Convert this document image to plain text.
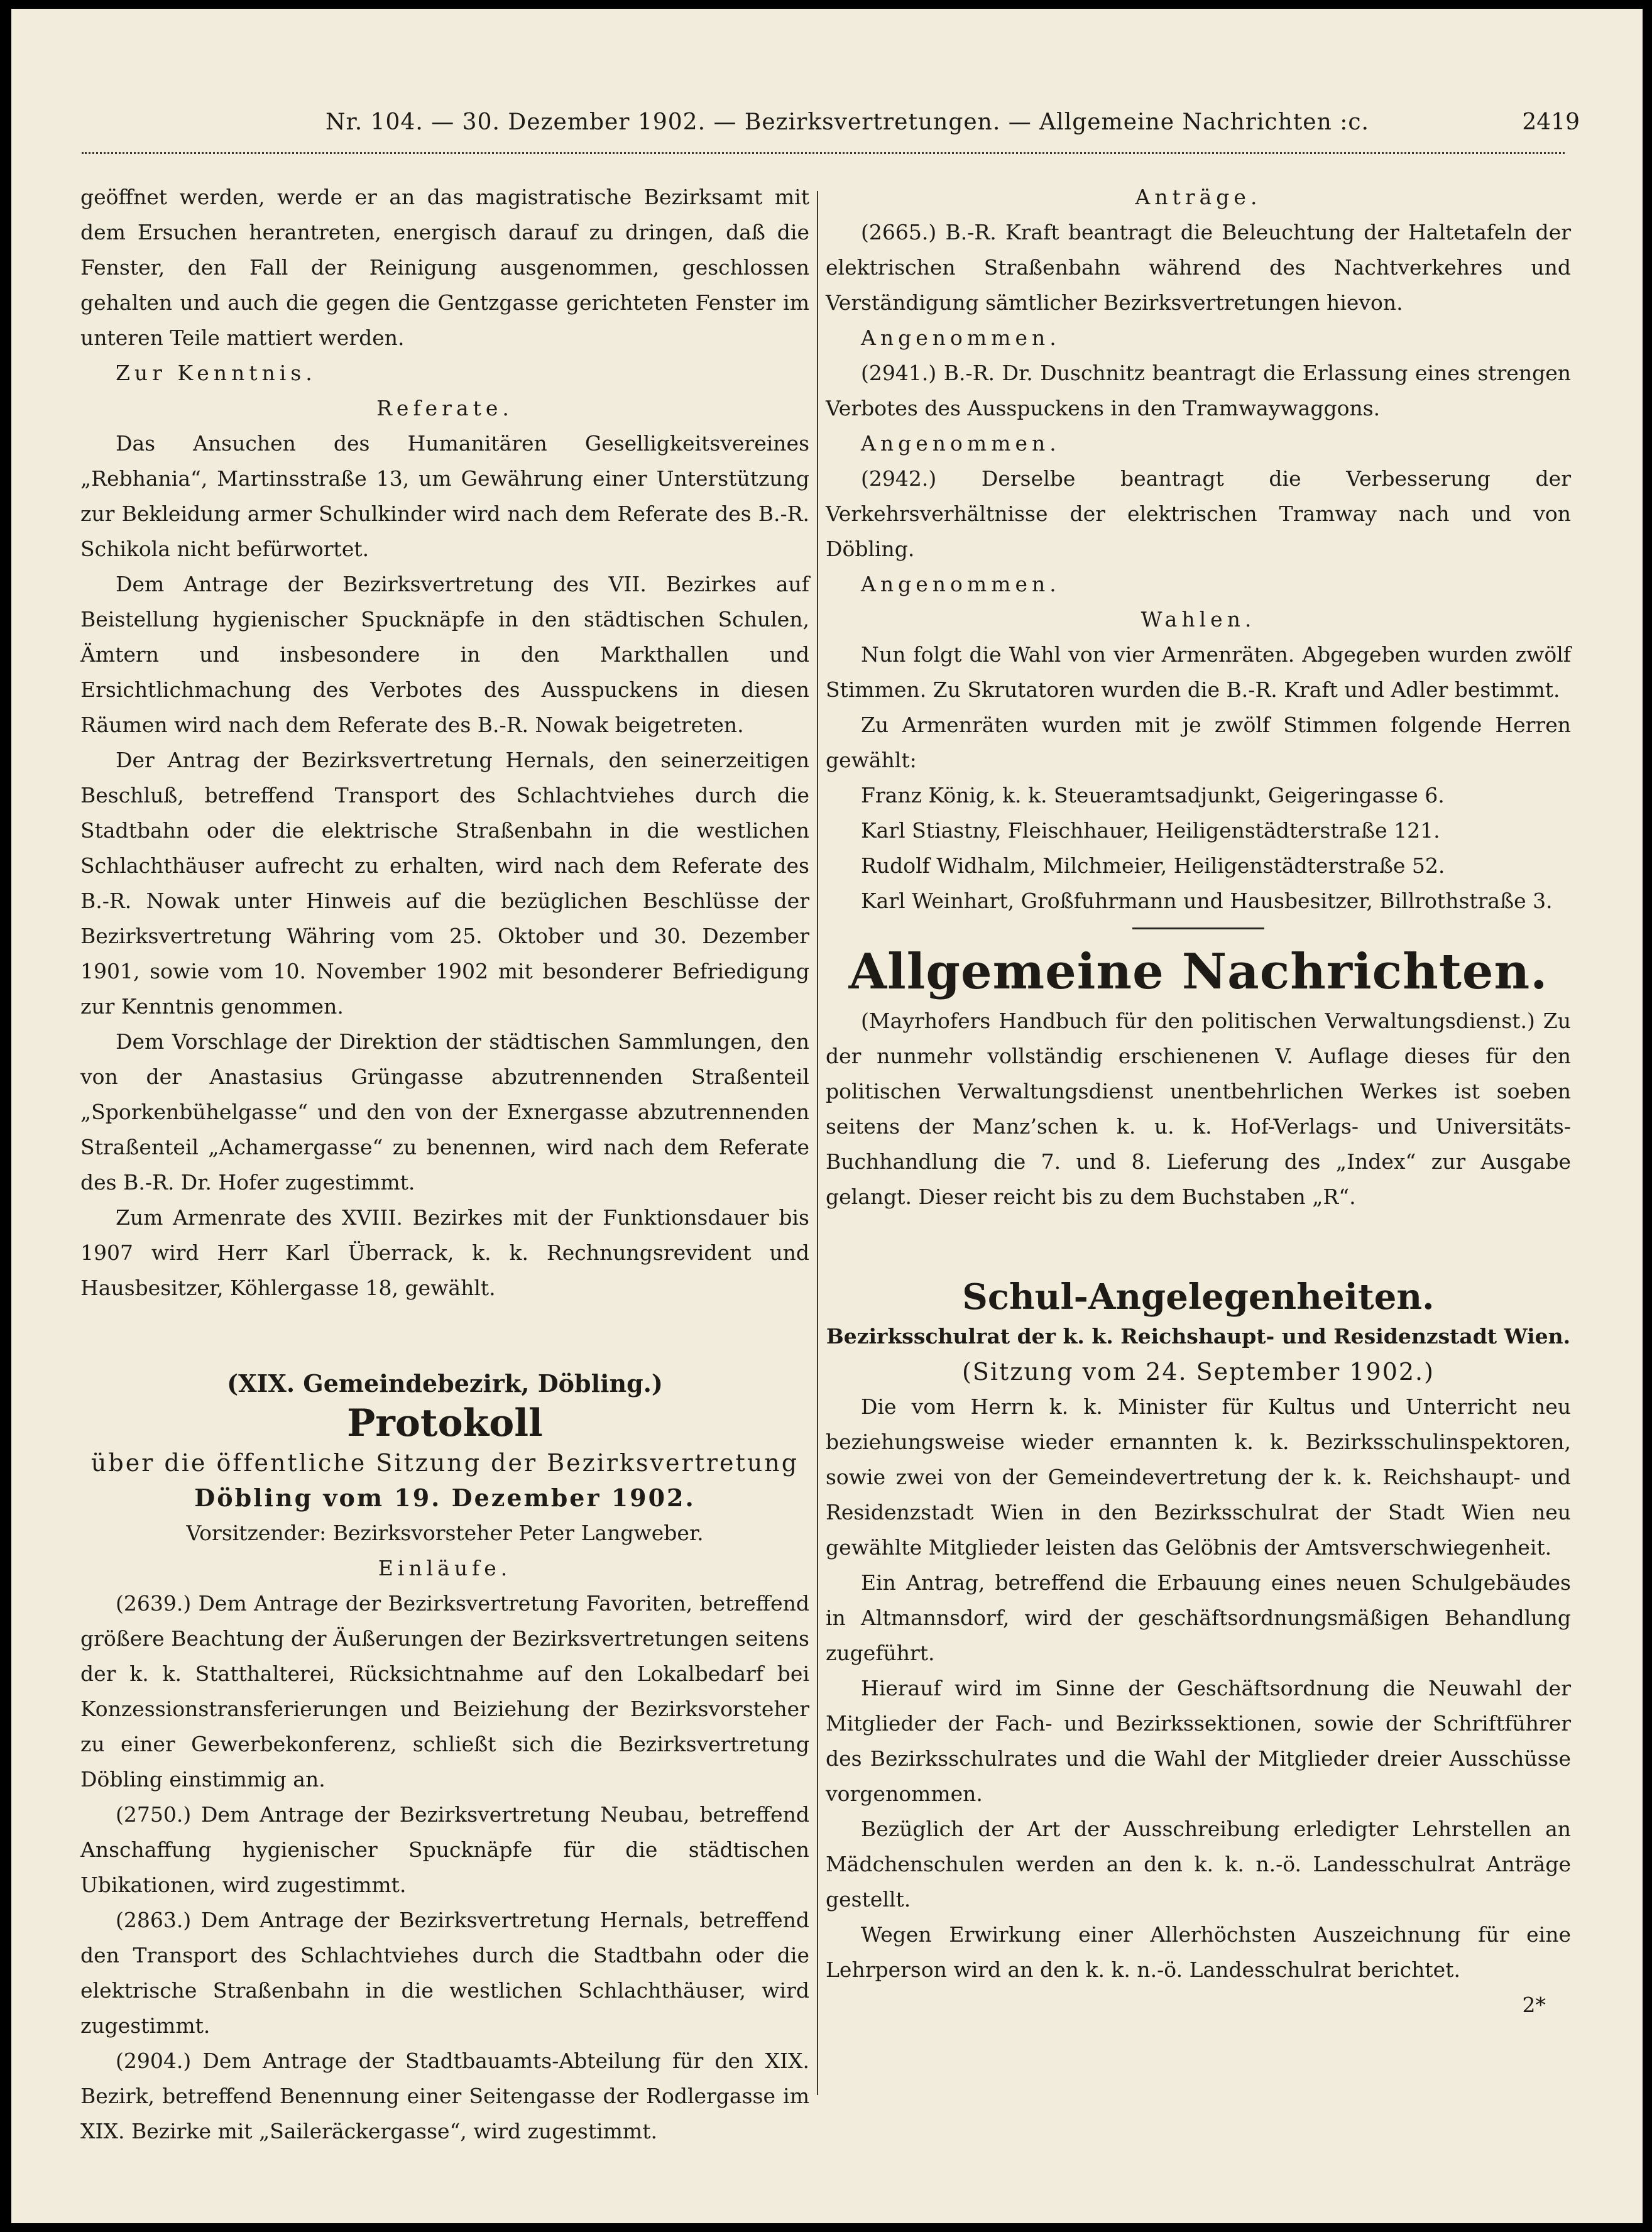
Nr. 104. — 30. Dezember 1902. — Bezirksvertretungen. — Allgemeine Nachrichten :c.	2419

geöffnet werden, werde er an das magistratische Bezirksamt mit dem Ersuchen herantreten, energisch darauf zu dringen, daß die Fenster, den Fall der Reinigung ausgenommen, geschlossen gehalten und auch die gegen die Gentzgasse gerichteten Fenster im unteren Teile mattiert werden.

Zur Kenntnis.

Referate.

Das Ansuchen des Humanitären Geselligkeitsvereines „Rebhania“, Martinsstraße 13, um Gewährung einer Unterstützung zur Bekleidung armer Schulkinder wird nach dem Referate des B.-R. Schikola nicht befürwortet.

Dem Antrage der Bezirksvertretung des VII. Bezirkes auf Beistellung hygienischer Spucknäpfe in den städtischen Schulen, Ämtern und insbesondere in den Markthallen und Ersichtlichmachung des Verbotes des Ausspuckens in diesen Räumen wird nach dem Referate des B.-R. Nowak beigetreten.

Der Antrag der Bezirksvertretung Hernals, den seinerzeitigen Beschluß, betreffend Transport des Schlachtviehes durch die Stadtbahn oder die elektrische Straßenbahn in die westlichen Schlachthäuser aufrecht zu erhalten, wird nach dem Referate des B.-R. Nowak unter Hinweis auf die bezüglichen Beschlüsse der Bezirksvertretung Währing vom 25. Oktober und 30. Dezember 1901, sowie vom 10. November 1902 mit besonderer Befriedigung zur Kenntnis genommen.

Dem Vorschlage der Direktion der städtischen Sammlungen, den von der Anastasius Grüngasse abzutrennenden Straßenteil „Sporkenbühelgasse“ und den von der Exnergasse abzutrennenden Straßenteil „Achamergasse“ zu benennen, wird nach dem Referate des B.-R. Dr. Hofer zugestimmt.

Zum Armenrate des XVIII. Bezirkes mit der Funktionsdauer bis 1907 wird Herr Karl Überrack, k. k. Rechnungsrevident und Hausbesitzer, Köhlergasse 18, gewählt.

(XIX. Gemeindebezirk, Döbling.)

Protokoll

über die öffentliche Sitzung der Bezirksvertretung

Döbling vom 19. Dezember 1902.

Vorsitzender: Bezirksvorsteher Peter Langweber.

Einläufe.

(2639.) Dem Antrage der Bezirksvertretung Favoriten, betreffend größere Beachtung der Äußerungen der Bezirksvertretungen seitens der k. k. Statthalterei, Rücksichtnahme auf den Lokalbedarf bei Konzessionstransferierungen und Beiziehung der Bezirksvorsteher zu einer Gewerbekonferenz, schließt sich die Bezirksvertretung Döbling einstimmig an.

(2750.) Dem Antrage der Bezirksvertretung Neubau, betreffend Anschaffung hygienischer Spucknäpfe für die städtischen Ubikationen, wird zugestimmt.

(2863.) Dem Antrage der Bezirksvertretung Hernals, betreffend den Transport des Schlachtviehes durch die Stadtbahn oder die elektrische Straßenbahn in die westlichen Schlachthäuser, wird zugestimmt.

(2904.) Dem Antrage der Stadtbauamts-Abteilung für den XIX. Bezirk, betreffend Benennung einer Seitengasse der Rodlergasse im XIX. Bezirke mit „Saileräckergasse“, wird zugestimmt.

Anträge.

(2665.) B.-R. Kraft beantragt die Beleuchtung der Haltetafeln der elektrischen Straßenbahn während des Nachtverkehres und Verständigung sämtlicher Bezirksvertretungen hievon.

Angenommen.

(2941.) B.-R. Dr. Duschnitz beantragt die Erlassung eines strengen Verbotes des Ausspuckens in den Tramwaywaggons.

Angenommen.

(2942.) Derselbe beantragt die Verbesserung der Verkehrsverhältnisse der elektrischen Tramway nach und von Döbling.

Angenommen.

Wahlen.

Nun folgt die Wahl von vier Armenräten. Abgegeben wurden zwölf Stimmen. Zu Skrutatoren wurden die B.-R. Kraft und Adler bestimmt.

Zu Armenräten wurden mit je zwölf Stimmen folgende Herren gewählt:

Franz König, k. k. Steueramtsadjunkt, Geigeringasse 6.

Karl Stiastny, Fleischhauer, Heiligenstädterstraße 121.

Rudolf Widhalm, Milchmeier, Heiligenstädterstraße 52.

Karl Weinhart, Großfuhrmann und Hausbesitzer, Billrothstraße 3.

Allgemeine Nachrichten.

(Mayrhofers Handbuch für den politischen Verwaltungsdienst.) Zu der nunmehr vollständig erschienenen V. Auflage dieses für den politischen Verwaltungsdienst unentbehrlichen Werkes ist soeben seitens der Manz’schen k. u. k. Hof-Verlags- und Universitäts-Buchhandlung die 7. und 8. Lieferung des „Index“ zur Ausgabe gelangt. Dieser reicht bis zu dem Buchstaben „R“.

Schul-Angelegenheiten.

Bezirksschulrat der k. k. Reichshaupt- und Residenzstadt Wien.

(Sitzung vom 24. September 1902.)

Die vom Herrn k. k. Minister für Kultus und Unterricht neu beziehungsweise wieder ernannten k. k. Bezirksschulinspektoren, sowie zwei von der Gemeindevertretung der k. k. Reichshaupt- und Residenzstadt Wien in den Bezirksschulrat der Stadt Wien neu gewählte Mitglieder leisten das Gelöbnis der Amtsverschwiegenheit.

Ein Antrag, betreffend die Erbauung eines neuen Schulgebäudes in Altmannsdorf, wird der geschäftsordnungsmäßigen Behandlung zugeführt.

Hierauf wird im Sinne der Geschäftsordnung die Neuwahl der Mitglieder der Fach- und Bezirkssektionen, sowie der Schriftführer des Bezirksschulrates und die Wahl der Mitglieder dreier Ausschüsse vorgenommen.

Bezüglich der Art der Ausschreibung erledigter Lehrstellen an Mädchenschulen werden an den k. k. n.-ö. Landesschulrat Anträge gestellt.

Wegen Erwirkung einer Allerhöchsten Auszeichnung für eine Lehrperson wird an den k. k. n.-ö. Landesschulrat berichtet.

2*
